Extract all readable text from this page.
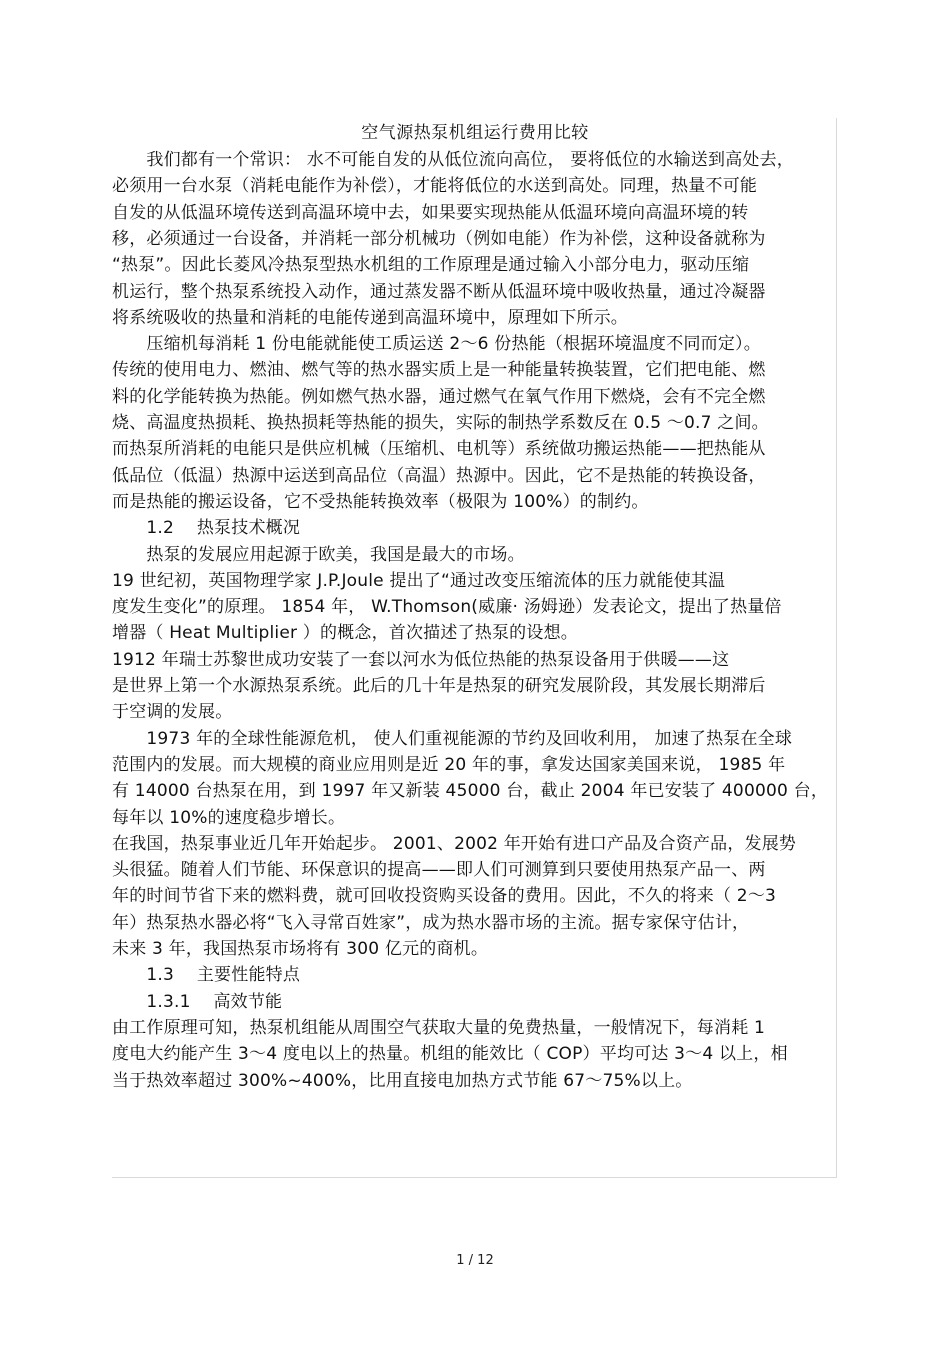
空气源热泵机组运行费用比较
　　我们都有一个常识： 水不可能自发的从低位流向高位， 要将低位的水输送到高处去，
必须用一台水泵（消耗电能作为补偿），才能将低位的水送到高处。同理，热量不可能
自发的从低温环境传送到高温环境中去，如果要实现热能从低温环境向高温环境的转
移，必须通过一台设备，并消耗一部分机械功（例如电能）作为补偿，这种设备就称为
“热泵”。因此长菱风冷热泵型热水机组的工作原理是通过输入小部分电力，驱动压缩
机运行，整个热泵系统投入动作，通过蒸发器不断从低温环境中吸收热量，通过冷凝器
将系统吸收的热量和消耗的电能传递到高温环境中，原理如下所示。
　　压缩机每消耗 1 份电能就能使工质运送 2～6 份热能（根据环境温度不同而定）。
传统的使用电力、燃油、燃气等的热水器实质上是一种能量转换装置，它们把电能、燃
料的化学能转换为热能。例如燃气热水器，通过燃气在氧气作用下燃烧，会有不完全燃
烧、高温度热损耗、换热损耗等热能的损失，实际的制热学系数反在 0.5 ～0.7 之间。
而热泵所消耗的电能只是供应机械（压缩机、电机等）系统做功搬运热能——把热能从
低品位（低温）热源中运送到高品位（高温）热源中。因此，它不是热能的转换设备，
而是热能的搬运设备，它不受热能转换效率（极限为 100%）的制约。
　　1.2　 热泵技术概况
　　热泵的发展应用起源于欧美，我国是最大的市场。
19 世纪初，英国物理学家 J.P.Joule 提出了“通过改变压缩流体的压力就能使其温
度发生变化”的原理。 1854 年， W.Thomson(威廉· 汤姆逊）发表论文，提出了热量倍
增器（ Heat Multiplier ）的概念，首次描述了热泵的设想。
1912 年瑞士苏黎世成功安装了一套以河水为低位热能的热泵设备用于供暖——这
是世界上第一个水源热泵系统。此后的几十年是热泵的研究发展阶段，其发展长期滞后
于空调的发展。
　　1973 年的全球性能源危机， 使人们重视能源的节约及回收利用， 加速了热泵在全球
范围内的发展。而大规模的商业应用则是近 20 年的事，拿发达国家美国来说， 1985 年
有 14000 台热泵在用，到 1997 年又新装 45000 台，截止 2004 年已安装了 400000 台，
每年以 10%的速度稳步增长。
在我国，热泵事业近几年开始起步。 2001、2002 年开始有进口产品及合资产品，发展势
头很猛。随着人们节能、环保意识的提高——即人们可测算到只要使用热泵产品一、两
年的时间节省下来的燃料费，就可回收投资购买设备的费用。因此，不久的将来（ 2～3
年）热泵热水器必将“飞入寻常百姓家”，成为热水器市场的主流。据专家保守估计，
未来 3 年，我国热泵市场将有 300 亿元的商机。
　　1.3　 主要性能特点
　　1.3.1　 高效节能
由工作原理可知，热泵机组能从周围空气获取大量的免费热量，一般情况下，每消耗 1
度电大约能产生 3～4 度电以上的热量。机组的能效比（ COP）平均可达 3～4 以上，相
当于热效率超过 300%~400%，比用直接电加热方式节能 67～75%以上。
1 / 12
